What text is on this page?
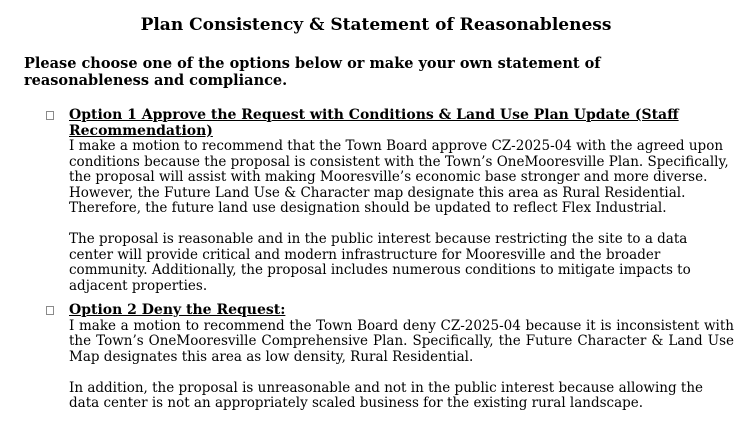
Plan Consistency & Statement of Reasonableness
Please choose one of the options below or make your own statement of reasonableness and compliance.
Option 1 Approve the Request with Conditions & Land Use Plan Update (Staff Recommendation)

I make a motion to recommend that the Town Board approve CZ-2025-04 with the agreed upon conditions because the proposal is consistent with the Town’s OneMooresville Plan. Specifically, the proposal will assist with making Mooresville’s economic base stronger and more diverse. However, the Future Land Use & Character map designate this area as Rural Residential. Therefore, the future land use designation should be updated to reflect Flex Industrial.

The proposal is reasonable and in the public interest because restricting the site to a data center will provide critical and modern infrastructure for Mooresville and the broader community. Additionally, the proposal includes numerous conditions to mitigate impacts to adjacent properties.

Option 2 Deny the Request:

I make a motion to recommend the Town Board deny CZ-2025-04 because it is inconsistent with the Town’s OneMooresville Comprehensive Plan. Specifically, the Future Character & Land Use Map designates this area as low density, Rural Residential.

In addition, the proposal is unreasonable and not in the public interest because allowing the data center is not an appropriately scaled business for the existing rural landscape.
